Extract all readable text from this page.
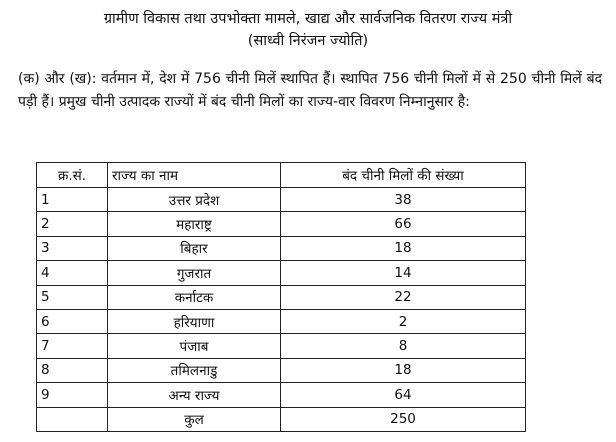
ग्रामीण विकास तथा उपभोक्ता मामले, खाद्य और सार्वजनिक वितरण राज्य मंत्री
(साध्वी निरंजन ज्योति)
(क) और (ख): वर्तमान में, देश में 756 चीनी मिलें स्थापित हैं। स्थापित 756 चीनी मिलों में से 250 चीनी मिलें बंद पड़ी हैं। प्रमुख चीनी उत्पादक राज्यों में बंद चीनी मिलों का राज्य-वार विवरण निम्नानुसार है:
क्र.सं.	राज्य का नाम	बंद चीनी मिलों की संख्या
1	उत्तर प्रदेश	38
2	महाराष्ट्र	66
3	बिहार	18
4	गुजरात	14
5	कर्नाटक	22
6	हरियाणा	2
7	पंजाब	8
8	तमिलनाडु	18
9	अन्य राज्य	64
	कुल	250
